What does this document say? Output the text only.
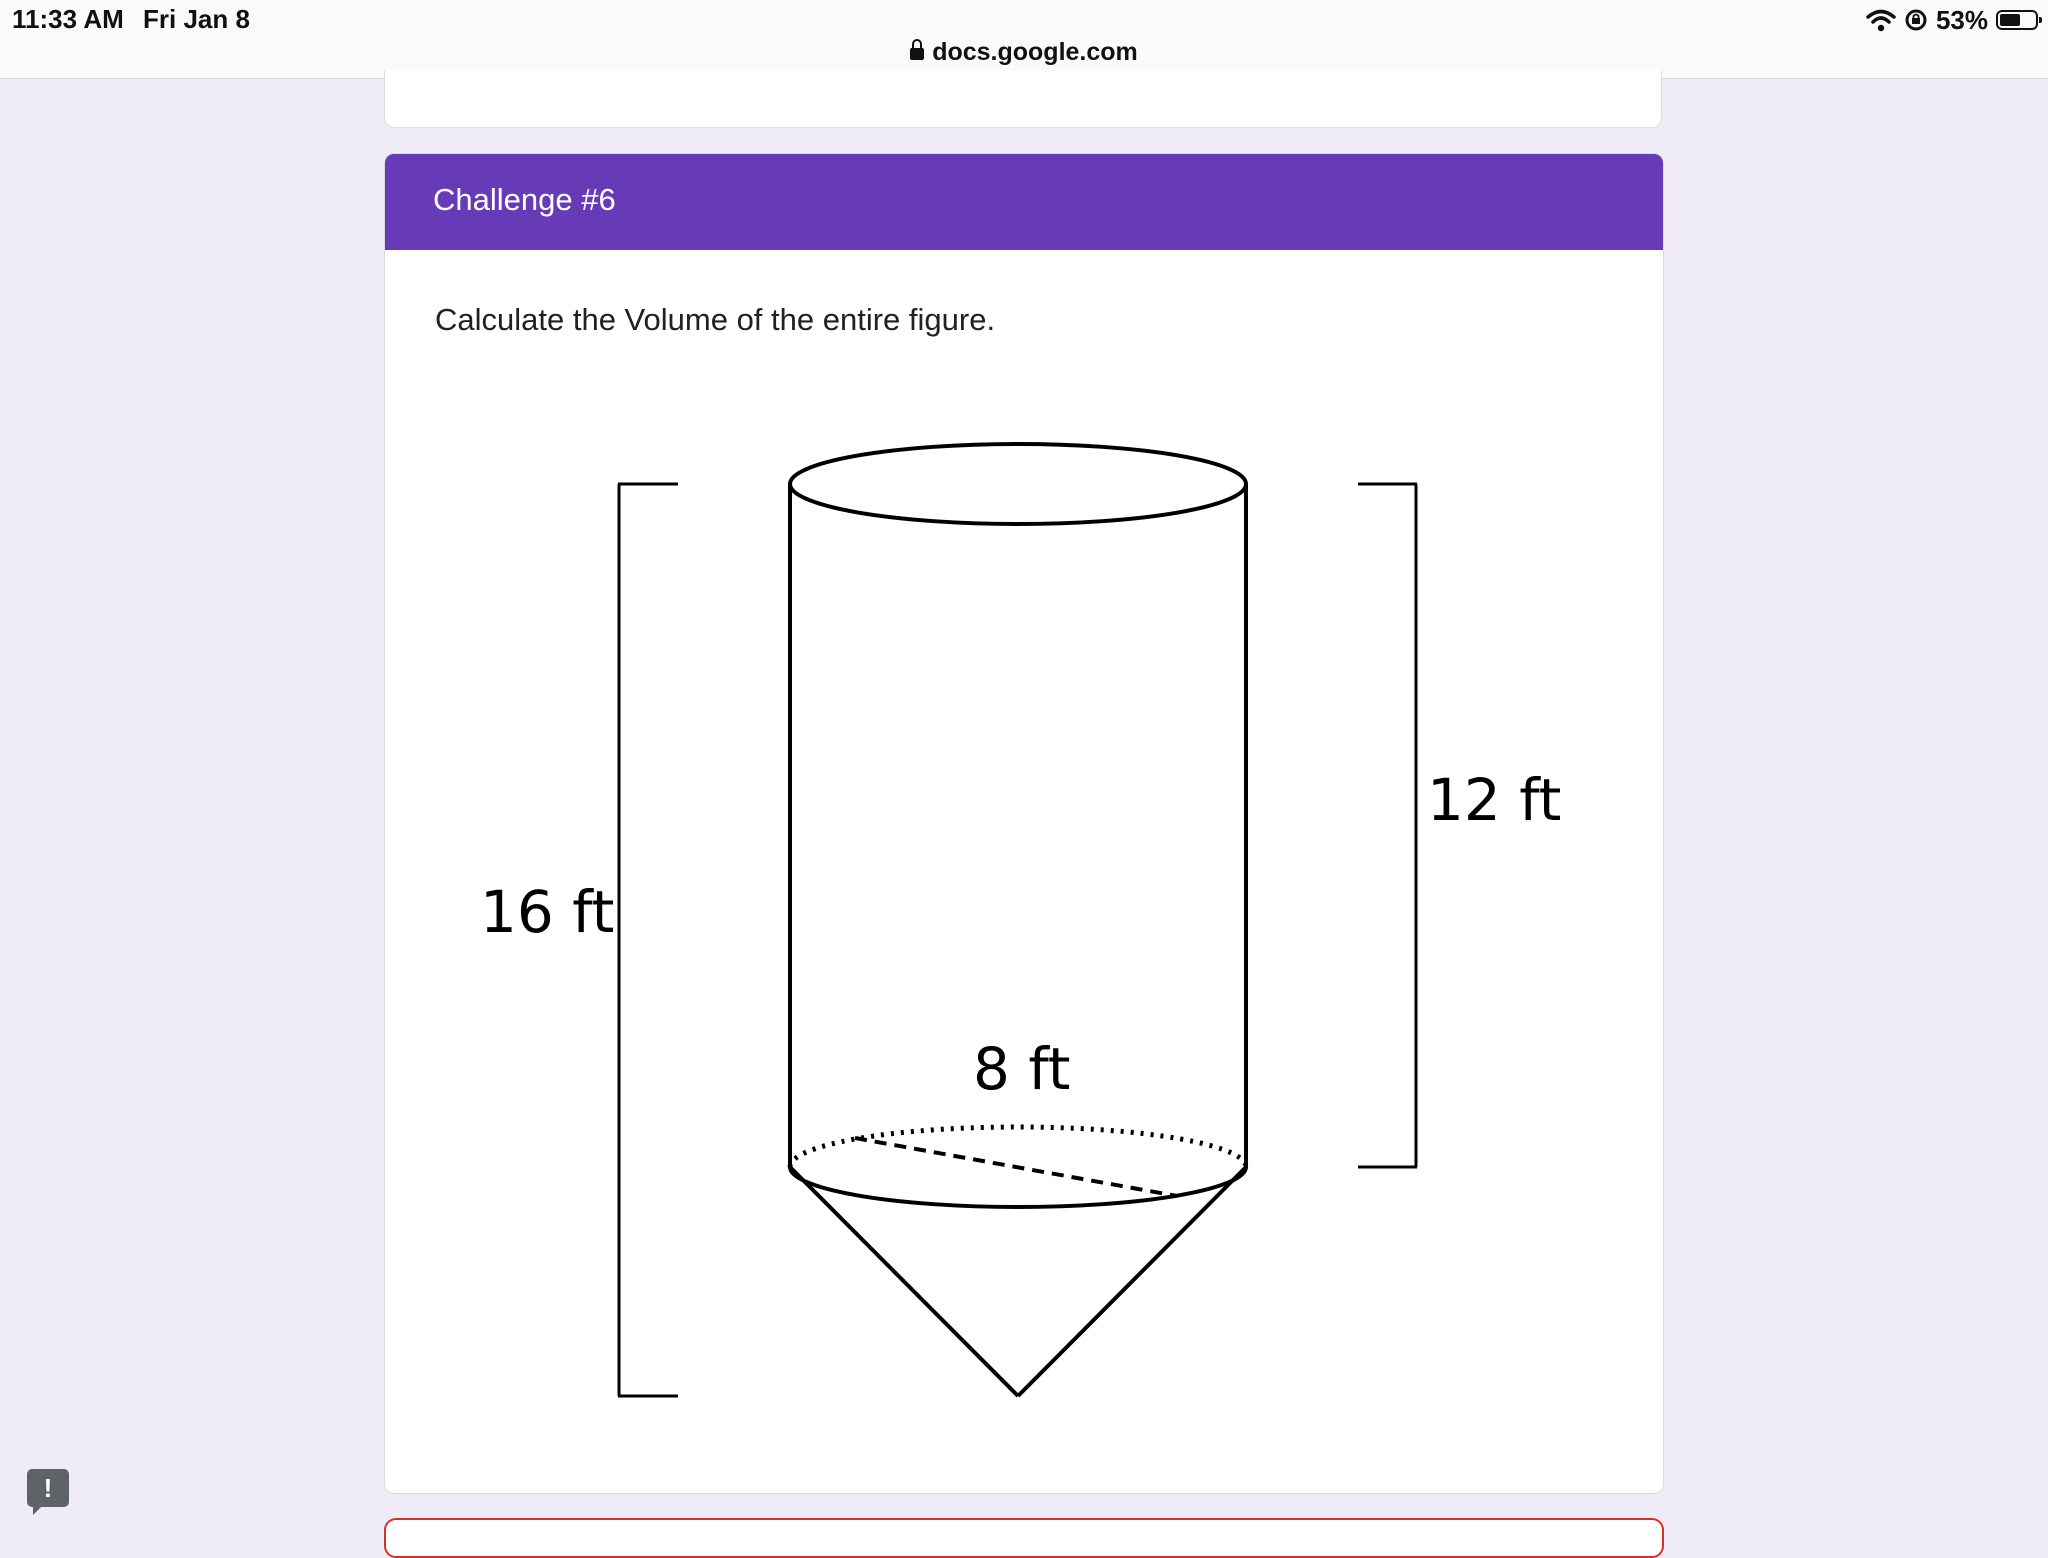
11:33 AM Fri Jan 8
docs.google.com
53%
Challenge #6
Calculate the Volume of the entire figure.
16 ft
12 ft
8 ft
!
